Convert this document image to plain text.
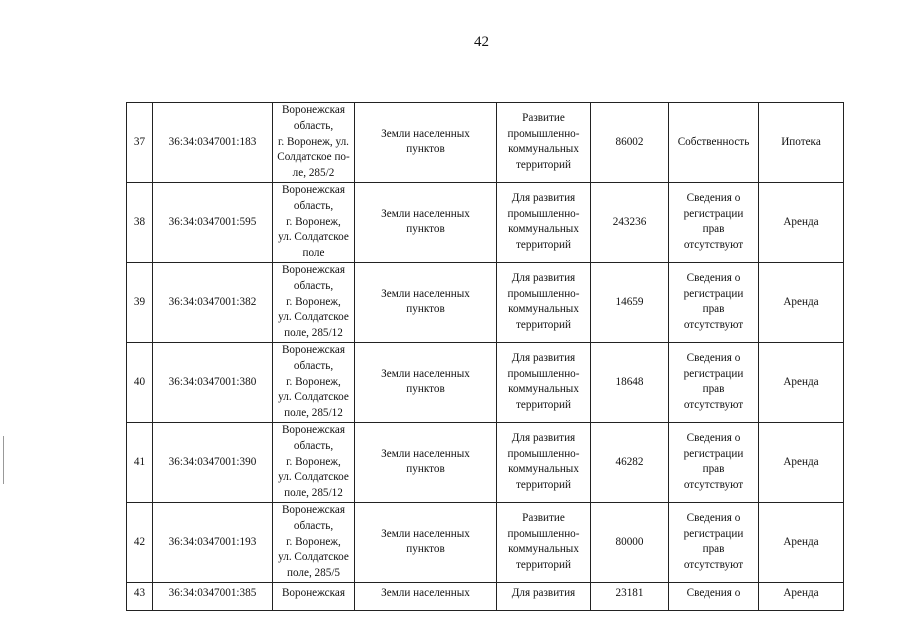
42
37	36:34:0347001:183	Воронежская
область,
г. Воронеж, ул.
Солдатское по-
ле, 285/2	Земли населенных
пунктов	Развитие
промышленно-
коммунальных
территорий	86002	Собственность	Ипотека
38	36:34:0347001:595	Воронежская
область,
г. Воронеж,
ул. Солдатское
поле	Земли населенных
пунктов	Для развития
промышленно-
коммунальных
территорий	243236	Сведения о
регистрации
прав
отсутствуют	Аренда
39	36:34:0347001:382	Воронежская
область,
г. Воронеж,
ул. Солдатское
поле, 285/12	Земли населенных
пунктов	Для развития
промышленно-
коммунальных
территорий	14659	Сведения о
регистрации
прав
отсутствуют	Аренда
40	36:34:0347001:380	Воронежская
область,
г. Воронеж,
ул. Солдатское
поле, 285/12	Земли населенных
пунктов	Для развития
промышленно-
коммунальных
территорий	18648	Сведения о
регистрации
прав
отсутствуют	Аренда
41	36:34:0347001:390	Воронежская
область,
г. Воронеж,
ул. Солдатское
поле, 285/12	Земли населенных
пунктов	Для развития
промышленно-
коммунальных
территорий	46282	Сведения о
регистрации
прав
отсутствуют	Аренда
42	36:34:0347001:193	Воронежская
область,
г. Воронеж,
ул. Солдатское
поле, 285/5	Земли населенных
пунктов	Развитие
промышленно-
коммунальных
территорий	80000	Сведения о
регистрации
прав
отсутствуют	Аренда
43	36:34:0347001:385	Воронежская	Земли населенных	Для развития	23181	Сведения о	Аренда
